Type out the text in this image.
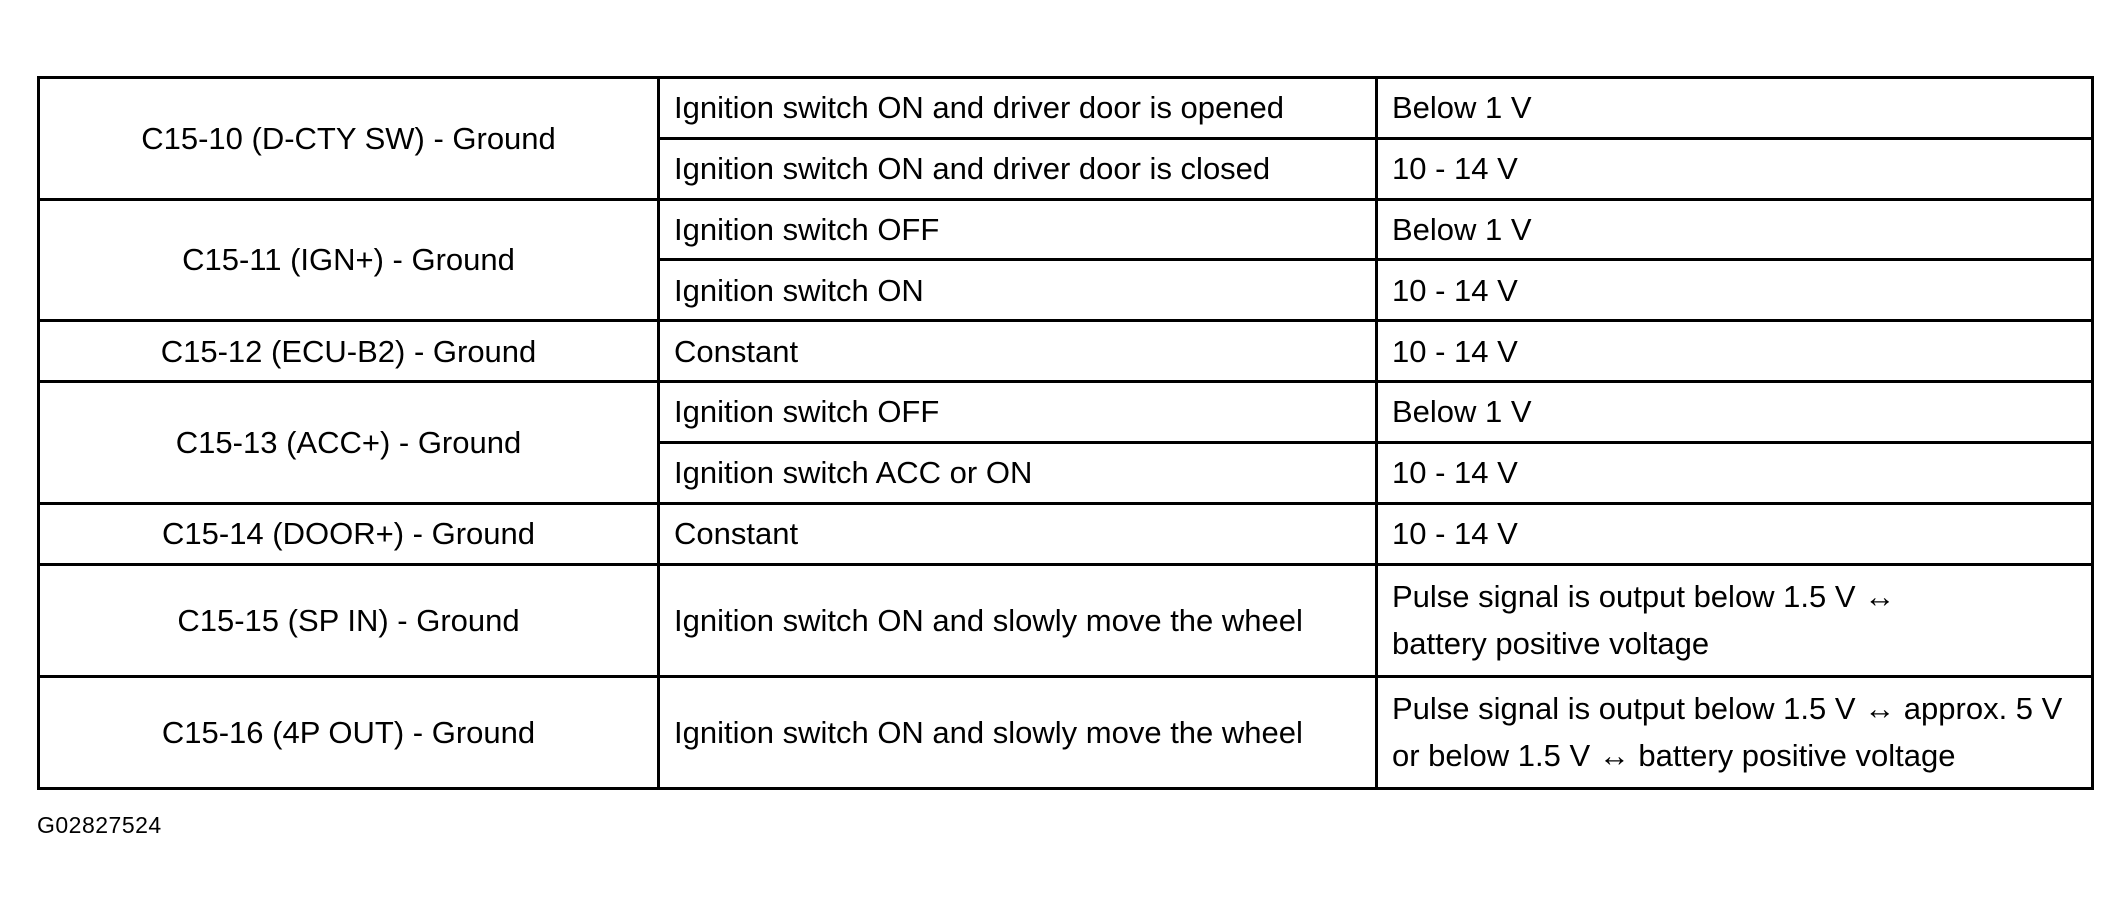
C15-10 (D-CTY SW) - Ground	Ignition switch ON and driver door is opened	Below 1 V
	Ignition switch ON and driver door is closed	10 - 14 V
C15-11 (IGN+) - Ground	Ignition switch OFF	Below 1 V
	Ignition switch ON	10 - 14 V
C15-12 (ECU-B2) - Ground	Constant	10 - 14 V
C15-13 (ACC+) - Ground	Ignition switch OFF	Below 1 V
	Ignition switch ACC or ON	10 - 14 V
C15-14 (DOOR+) - Ground	Constant	10 - 14 V
C15-15 (SP IN) - Ground	Ignition switch ON and slowly move the wheel	Pulse signal is output below 1.5 V ↔
battery positive voltage

C15-16 (4P OUT) - Ground	Ignition switch ON and slowly move the wheel	Pulse signal is output below 1.5 V ↔ approx. 5 V
or below 1.5 V ↔ battery positive voltage
G02827524
